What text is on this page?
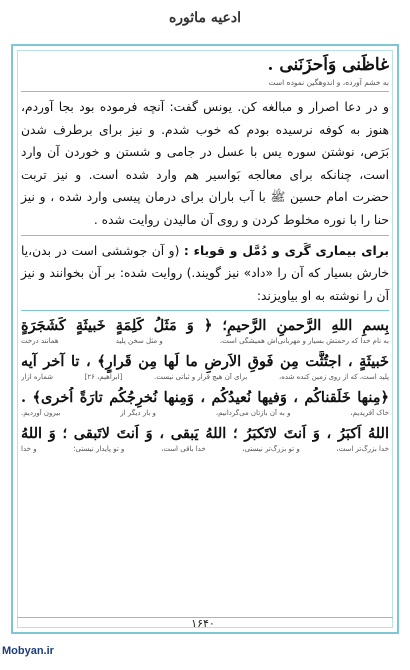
ادعیه ماثوره
غاظَنی وَاَحزَنَنی .
به خشم آورده، و اندوهگین نموده است
و در دعا اصرار و مبالغه کن. یونس گفت: آنچه فرموده بود بجا آوردم، هنوز به کوفه نرسیده بودم که خوب شدم. و نیز برای برطرف شدن بَرَص، نوشتن سوره یس با عسل در جامی و شستن و خوردن آن وارد است، چنانکه برای معالجه بَواسیر هم وارد شده است. و نیز تربت حضرت امام حسین ﷺ با آب باران برای درمان پیسی وارد شده ، و نیز حنا را با نوره مخلوط کردن و روی آن مالیدن روایت شده .
برای بیماری گَری و دُمَّل و قوباء : (و آن جوششی است در بدن،یا خارش بسیار که آن را «داد» نیز گویند.) روایت شده: بر آن بخوانند و نیز آن را نوشته به او بیاویزند:
بِسمِ اللهِ الرَّحمنِ الرَّحیمِ؛ ﴿ وَ مَثَلُ كَلِمَةٍ خَبیثَةٍ كَشَجَرَةٍ
به نام خدا که رحمتش بسیار و مهربانی‌اش همیشگی است،
و مثل سخن پلید
همانند درخت
خَبیثَةٍ ، اجتُثَّت مِن فَوقِ الاَرضِ ما لَها مِن قَرارٍ﴾ ، تا آخر آیه
پلید است، که از روی زمین کنده شده،
برای آن هیچ قرار و ثباتی نیست.
[ابراهیم، ۲۶]
شماره ازار
﴿مِنها خَلَقناكُم ، وَفیها نُعیدُكُم ، وَمِنها نُخرِجُكُم تارَةً اُخرى﴾ .
خاک آفریدیم،
و به آن بازتان می‌گردانیم،
و بار دیگر از
بیرون آوردیم.
اللهُ اَكبَرُ ، وَ اَنتَ لاتَكبَرُ ؛ اللهُ یَبقى ، وَ اَنتَ لاتَبقى ؛ وَ اللهُ
خدا بزرگ‌تر است،
و تو بزرگ‌تر نیستی،
خدا باقی است،
و تو پایدار نیستی؛
و خدا
۱۶۴۰
Mobyan.ir
